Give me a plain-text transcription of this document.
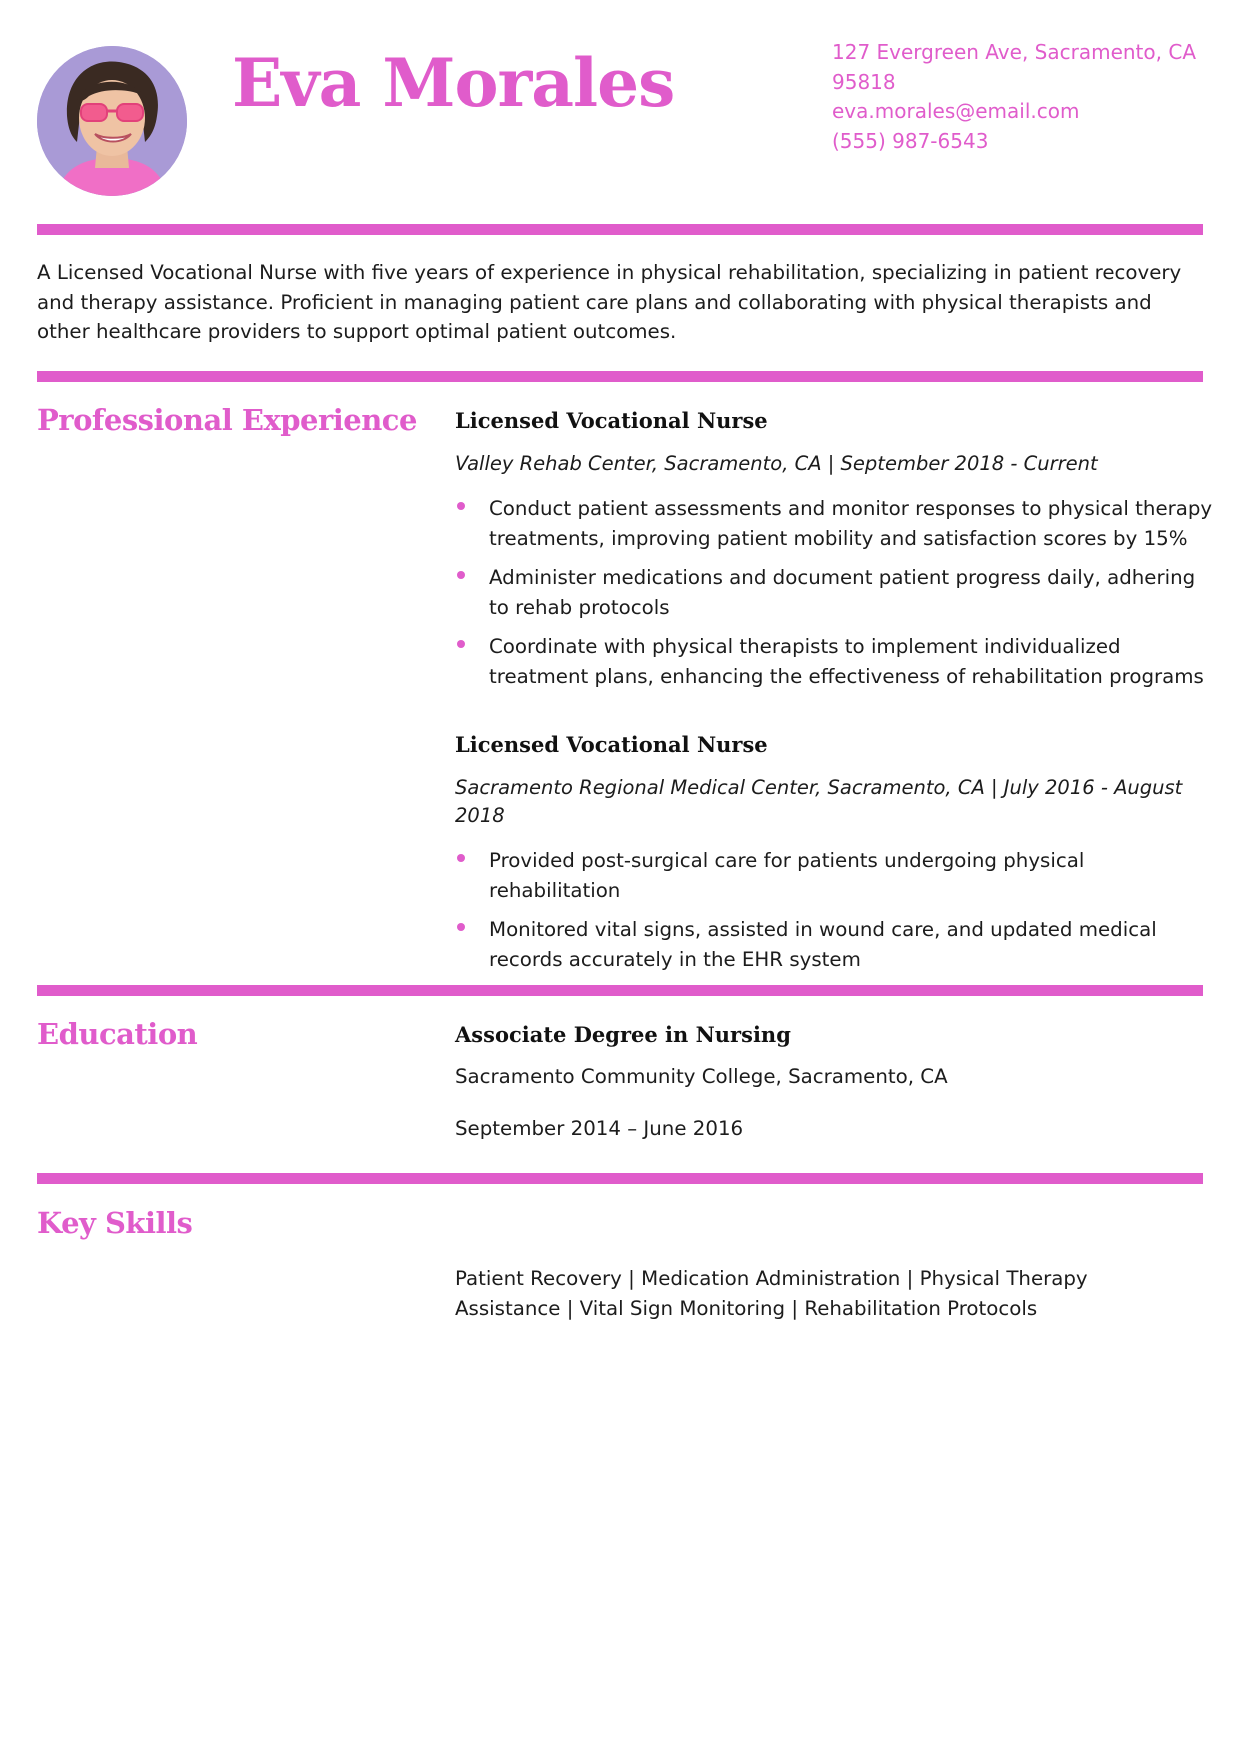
Eva Morales	127 Evergreen Ave, Sacramento, CA
95818
eva.morales@email.com
(555) 987-6543
A Licensed Vocational Nurse with five years of experience in physical rehabilitation, specializing in patient recovery and therapy assistance. Proficient in managing patient care plans and collaborating with physical therapists and other healthcare providers to support optimal patient outcomes.
Professional Experience Licensed Vocational Nurse
Valley Rehab Center, Sacramento, CA | September 2018 - Current
Conduct patient assessments and monitor responses to physical therapy treatments, improving patient mobility and satisfaction scores by 15%
Administer medications and document patient progress daily, adhering to rehab protocols
Coordinate with physical therapists to implement individualized treatment plans, enhancing the effectiveness of rehabilitation programs
Licensed Vocational Nurse
Sacramento Regional Medical Center, Sacramento, CA | July 2016 - August 2018
Provided post-surgical care for patients undergoing physical rehabilitation
Monitored vital signs, assisted in wound care, and updated medical records accurately in the EHR system
Education	Associate Degree in Nursing
Sacramento Community College, Sacramento, CA
September 2014 – June 2016
Key Skills
Patient Recovery | Medication Administration | Physical Therapy Assistance | Vital Sign Monitoring | Rehabilitation Protocols
